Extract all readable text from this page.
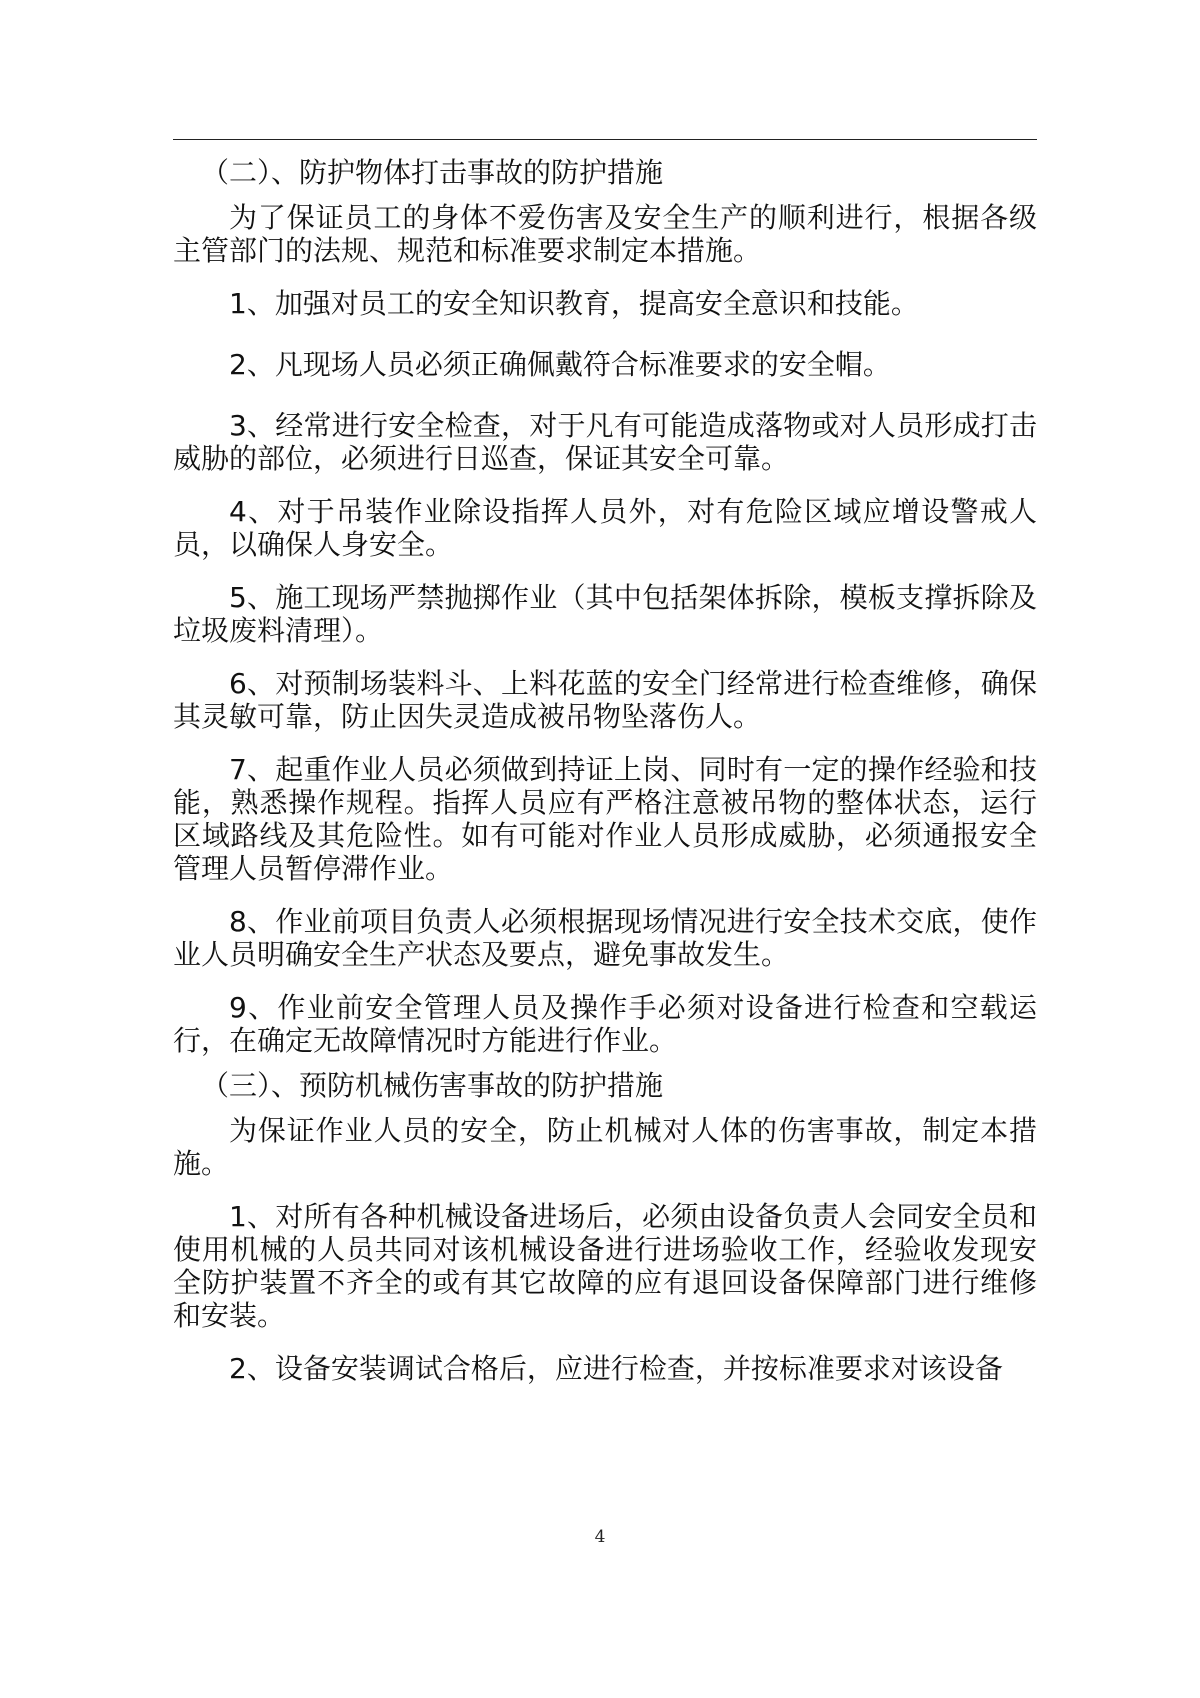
（二）、防护物体打击事故的防护措施

为了保证员工的身体不爱伤害及安全生产的顺利进行，根据各级主管部门的法规、规范和标准要求制定本措施。

1、加强对员工的安全知识教育，提高安全意识和技能。

2、凡现场人员必须正确佩戴符合标准要求的安全帽。

3、经常进行安全检查，对于凡有可能造成落物或对人员形成打击威胁的部位，必须进行日巡查，保证其安全可靠。

4、对于吊装作业除设指挥人员外，对有危险区域应增设警戒人员，以确保人身安全。

5、施工现场严禁抛掷作业（其中包括架体拆除，模板支撑拆除及垃圾废料清理）。

6、对预制场装料斗、上料花蓝的安全门经常进行检查维修，确保其灵敏可靠，防止因失灵造成被吊物坠落伤人。

7、起重作业人员必须做到持证上岗、同时有一定的操作经验和技能，熟悉操作规程。指挥人员应有严格注意被吊物的整体状态，运行区域路线及其危险性。如有可能对作业人员形成威胁，必须通报安全管理人员暂停滞作业。

8、作业前项目负责人必须根据现场情况进行安全技术交底，使作业人员明确安全生产状态及要点，避免事故发生。

9、作业前安全管理人员及操作手必须对设备进行检查和空载运行，在确定无故障情况时方能进行作业。

（三）、预防机械伤害事故的防护措施

为保证作业人员的安全，防止机械对人体的伤害事故，制定本措施。

1、对所有各种机械设备进场后，必须由设备负责人会同安全员和使用机械的人员共同对该机械设备进行进场验收工作，经验收发现安全防护装置不齐全的或有其它故障的应有退回设备保障部门进行维修和安装。

2、设备安装调试合格后，应进行检查，并按标准要求对该设备

4
